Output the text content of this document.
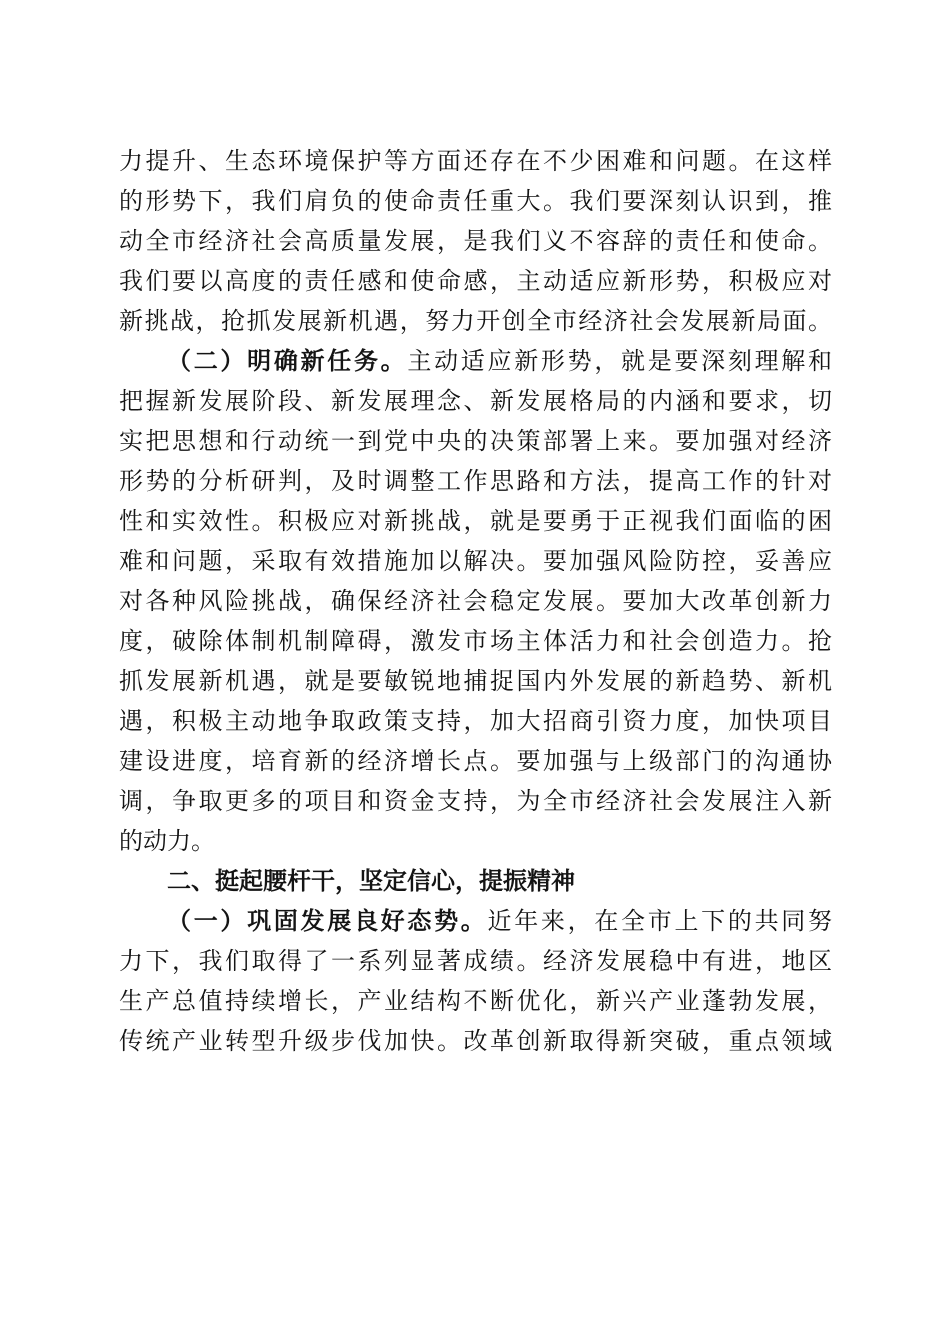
力提升、生态环境保护等方面还存在不少困难和问题。在这样
的形势下，我们肩负的使命责任重大。我们要深刻认识到，推
动全市经济社会高质量发展，是我们义不容辞的责任和使命。
我们要以高度的责任感和使命感，主动适应新形势，积极应对
新挑战，抢抓发展新机遇，努力开创全市经济社会发展新局面。
（二）明确新任务。主动适应新形势，就是要深刻理解和
把握新发展阶段、新发展理念、新发展格局的内涵和要求，切
实把思想和行动统一到党中央的决策部署上来。要加强对经济
形势的分析研判，及时调整工作思路和方法，提高工作的针对
性和实效性。积极应对新挑战，就是要勇于正视我们面临的困
难和问题，采取有效措施加以解决。要加强风险防控，妥善应
对各种风险挑战，确保经济社会稳定发展。要加大改革创新力
度，破除体制机制障碍，激发市场主体活力和社会创造力。抢
抓发展新机遇，就是要敏锐地捕捉国内外发展的新趋势、新机
遇，积极主动地争取政策支持，加大招商引资力度，加快项目
建设进度，培育新的经济增长点。要加强与上级部门的沟通协
调，争取更多的项目和资金支持，为全市经济社会发展注入新
的动力。
二、挺起腰杆干，坚定信心，提振精神
（一）巩固发展良好态势。近年来，在全市上下的共同努
力下，我们取得了一系列显著成绩。经济发展稳中有进，地区
生产总值持续增长，产业结构不断优化，新兴产业蓬勃发展，
传统产业转型升级步伐加快。改革创新取得新突破，重点领域
